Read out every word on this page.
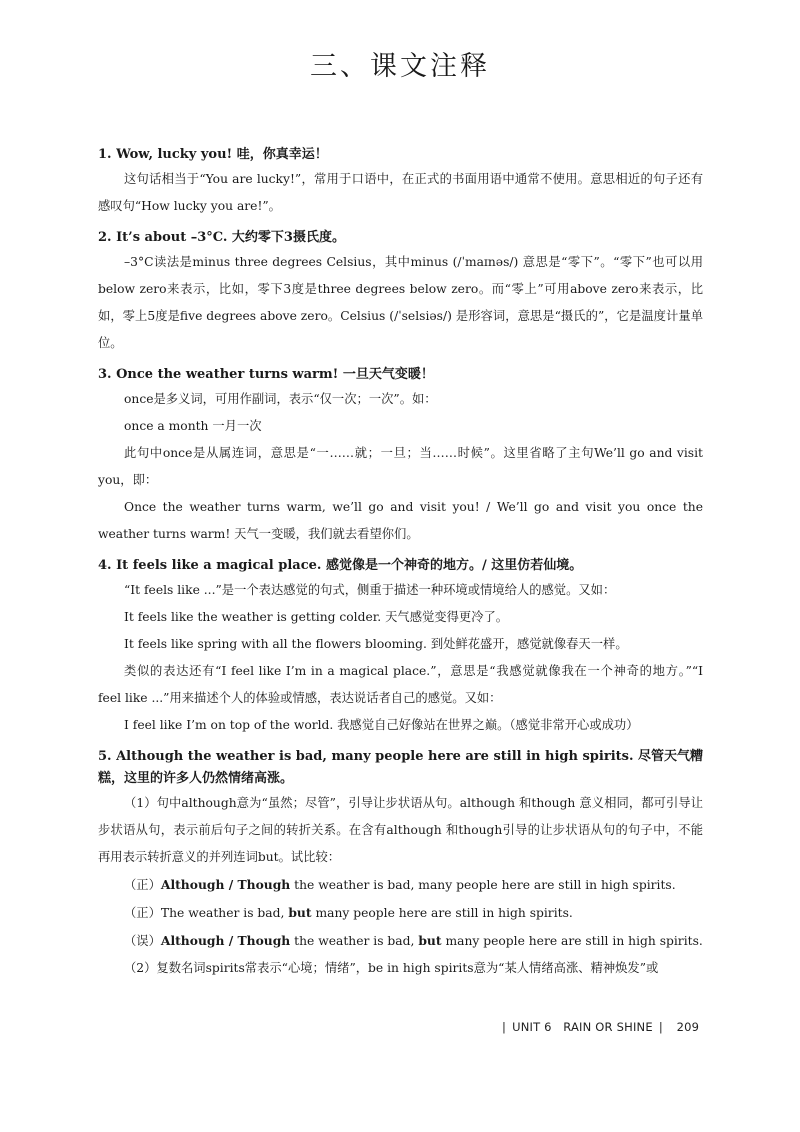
三、课文注释

1. Wow, lucky you! 哇，你真幸运！

这句话相当于“You are lucky!”，常用于口语中，在正式的书面用语中通常不使用。意思相近的句子还有感叹句“How lucky you are!”。

2. It’s about –3°C. 大约零下3摄氏度。

–3°C读法是minus three degrees Celsius，其中minus (/ˈmaɪnəs/) 意思是“零下”。“零下”也可以用below zero来表示，比如，零下3度是three degrees below zero。而“零上”可用above zero来表示，比如，零上5度是five degrees above zero。Celsius (/ˈselsiəs/) 是形容词，意思是“摄氏的”，它是温度计量单位。

3. Once the weather turns warm! 一旦天气变暖！

once是多义词，可用作副词，表示“仅一次；一次”。如：

once a month 一月一次

此句中once是从属连词，意思是“一……就；一旦；当……时候”。这里省略了主句We’ll go and visit you，即：

Once the weather turns warm, we’ll go and visit you! / We’ll go and visit you once the weather turns warm! 天气一变暖，我们就去看望你们。

4. It feels like a magical place. 感觉像是一个神奇的地方。/ 这里仿若仙境。

“It feels like ...”是一个表达感觉的句式，侧重于描述一种环境或情境给人的感觉。又如：

It feels like the weather is getting colder. 天气感觉变得更冷了。

It feels like spring with all the flowers blooming. 到处鲜花盛开，感觉就像春天一样。

类似的表达还有“I feel like I’m in a magical place.”，意思是“我感觉就像我在一个神奇的地方。”“I feel like ...”用来描述个人的体验或情感，表达说话者自己的感觉。又如：

I feel like I’m on top of the world. 我感觉自己好像站在世界之巅。（感觉非常开心或成功）

5. Although the weather is bad, many people here are still in high spirits. 尽管天气糟糕，这里的许多人仍然情绪高涨。

（1）句中although意为“虽然；尽管”，引导让步状语从句。although 和though 意义相同，都可引导让步状语从句，表示前后句子之间的转折关系。在含有although 和though引导的让步状语从句的句子中，不能再用表示转折意义的并列连词but。试比较：

（正）Although / Though the weather is bad, many people here are still in high spirits.

（正）The weather is bad, but many people here are still in high spirits.

（误）Although / Though the weather is bad, but many people here are still in high spirits.

（2）复数名词spirits常表示“心境；情绪”，be in high spirits意为“某人情绪高涨、精神焕发”或

| UNIT 6 RAIN OR SHINE | 209
